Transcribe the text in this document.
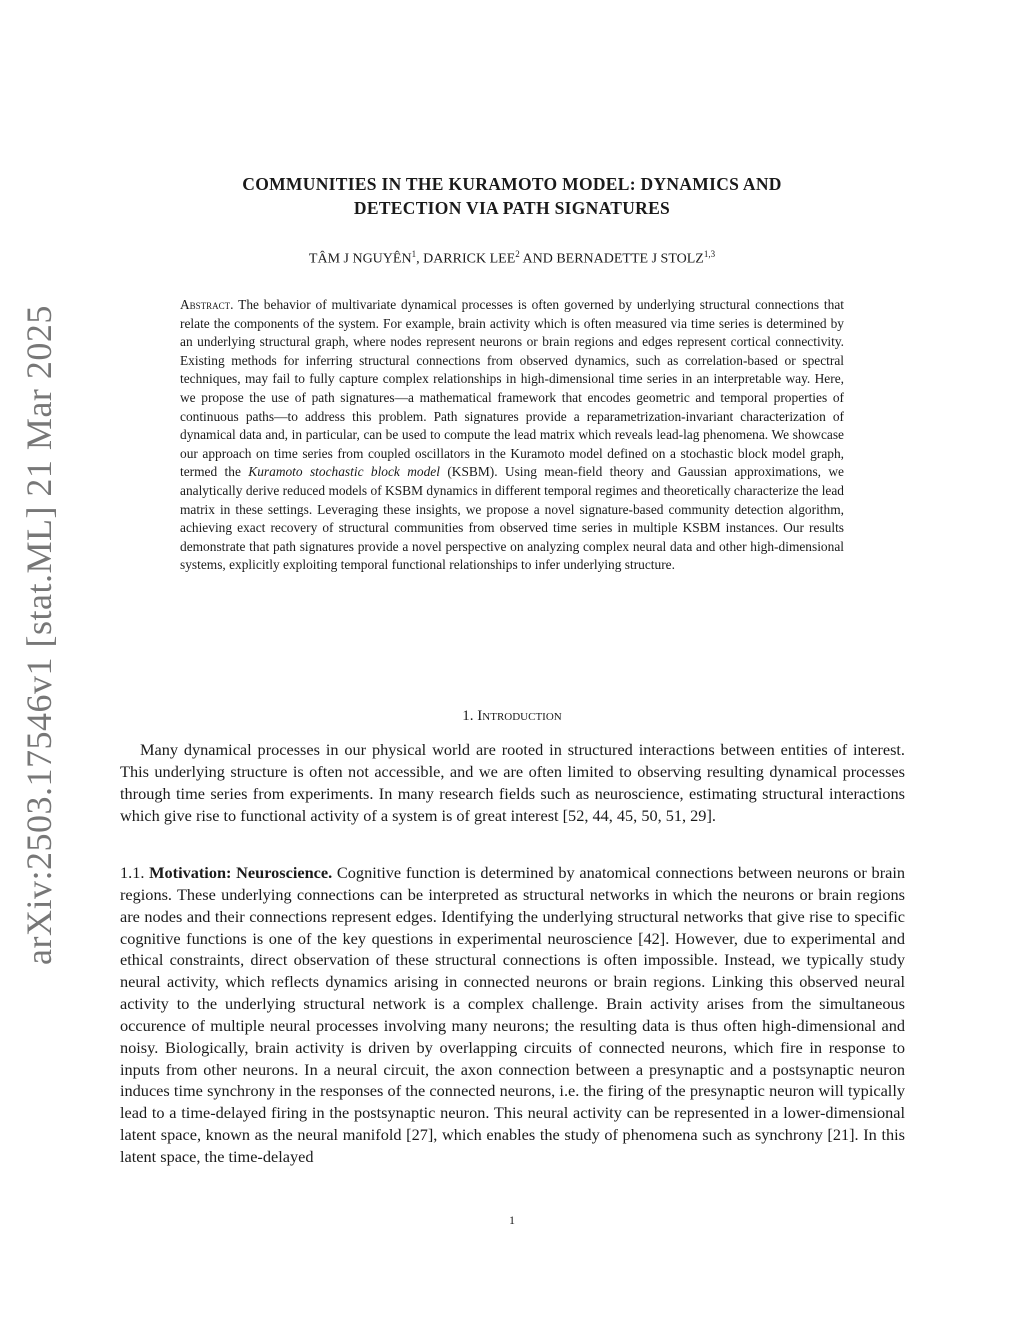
arXiv:2503.17546v1 [stat.ML] 21 Mar 2025
COMMUNITIES IN THE KURAMOTO MODEL: DYNAMICS AND
DETECTION VIA PATH SIGNATURES
TÂM J NGUYÊN$^1$, DARRICK LEE$^2$ AND BERNADETTE J STOLZ$^{1,3}$
Abstract. The behavior of multivariate dynamical processes is often governed by underlying structural connections that relate the components of the system. For example, brain activity which is often measured via time series is determined by an underlying structural graph, where nodes represent neurons or brain regions and edges represent cortical connectivity. Existing methods for inferring structural connections from observed dynamics, such as correlation-based or spectral techniques, may fail to fully capture complex relationships in high-dimensional time series in an interpretable way. Here, we propose the use of path signatures—a mathematical framework that encodes geometric and temporal properties of continuous paths—to address this problem. Path signatures provide a reparametrization-invariant characterization of dynamical data and, in particular, can be used to compute the lead matrix which reveals lead-lag phenomena. We showcase our approach on time series from coupled oscillators in the Kuramoto model defined on a stochastic block model graph, termed the Kuramoto stochastic block model (KSBM). Using mean-field theory and Gaussian approximations, we analytically derive reduced models of KSBM dynamics in different temporal regimes and theoretically characterize the lead matrix in these settings. Leveraging these insights, we propose a novel signature-based community detection algorithm, achieving exact recovery of structural communities from observed time series in multiple KSBM instances. Our results demonstrate that path signatures provide a novel perspective on analyzing complex neural data and other high-dimensional systems, explicitly exploiting temporal functional relationships to infer underlying structure.
1. Introduction

Many dynamical processes in our physical world are rooted in structured interactions between entities of interest. This underlying structure is often not accessible, and we are often limited to observing resulting dynamical processes through time series from experiments. In many research fields such as neuroscience, estimating structural interactions which give rise to functional activity of a system is of great interest [52, 44, 45, 50, 51, 29].

1.1. Motivation: Neuroscience. Cognitive function is determined by anatomical connections between neurons or brain regions. These underlying connections can be interpreted as structural networks in which the neurons or brain regions are nodes and their connections represent edges. Identifying the underlying structural networks that give rise to specific cognitive functions is one of the key questions in experimental neuroscience [42]. However, due to experimental and ethical constraints, direct observation of these structural connections is often impossible. Instead, we typically study neural activity, which reflects dynamics arising in connected neurons or brain regions. Linking this observed neural activity to the underlying structural network is a complex challenge. Brain activity arises from the simultaneous occurence of multiple neural processes involving many neurons; the resulting data is thus often high-dimensional and noisy. Biologically, brain activity is driven by overlapping circuits of connected neurons, which fire in response to inputs from other neurons. In a neural circuit, the axon connection between a presynaptic and a postsynaptic neuron induces time synchrony in the responses of the connected neurons, i.e. the firing of the presynaptic neuron will typically lead to a time-delayed firing in the postsynaptic neuron. This neural activity can be represented in a lower-dimensional latent space, known as the neural manifold [27], which enables the study of phenomena such as synchrony [21]. In this latent space, the time-delayed

1
